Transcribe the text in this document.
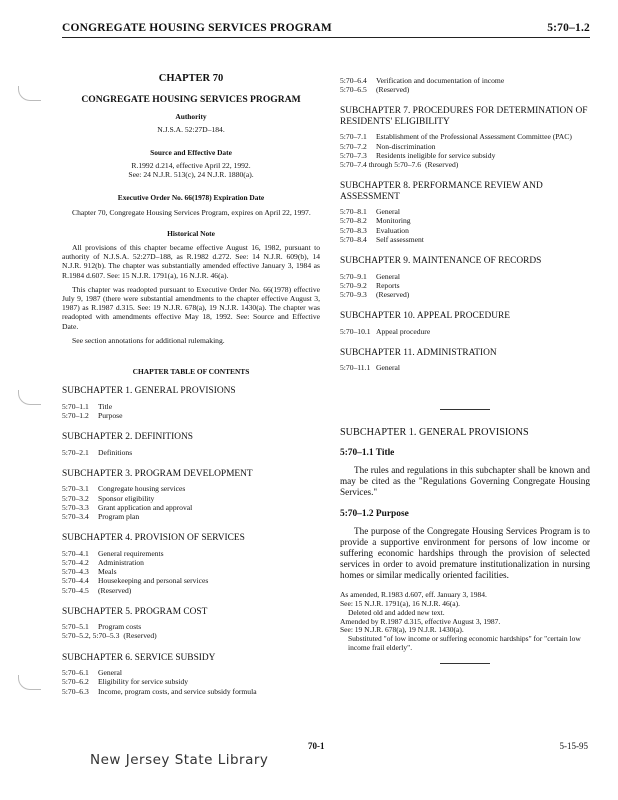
CONGREGATE HOUSING SERVICES PROGRAM	5:70–1.2
CHAPTER 70
CONGREGATE HOUSING SERVICES PROGRAM
Authority
N.J.S.A. 52:27D–184.
Source and Effective Date
R.1992 d.214, effective April 22, 1992.
See: 24 N.J.R. 513(c), 24 N.J.R. 1880(a).
Executive Order No. 66(1978) Expiration Date
Chapter 70, Congregate Housing Services Program, expires on April 22, 1997.
Historical Note
All provisions of this chapter became effective August 16, 1982, pursuant to authority of N.J.S.A. 52:27D–188, as R.1982 d.272. See: 14 N.J.R. 609(b), 14 N.J.R. 912(b). The chapter was substantially amended effective January 3, 1984 as R.1984 d.607. See: 15 N.J.R. 1791(a), 16 N.J.R. 46(a).
This chapter was readopted pursuant to Executive Order No. 66(1978) effective July 9, 1987 (there were substantial amendments to the chapter effective August 3, 1987) as R.1987 d.315. See: 19 N.J.R. 678(a), 19 N.J.R. 1430(a). The chapter was readopted with amendments effective May 18, 1992. See: Source and Effective Date.
See section annotations for additional rulemaking.
CHAPTER TABLE OF CONTENTS
SUBCHAPTER 1. GENERAL PROVISIONS
5:70–1.1	Title
5:70–1.2	Purpose
SUBCHAPTER 2. DEFINITIONS
5:70–2.1	Definitions
SUBCHAPTER 3. PROGRAM DEVELOPMENT
5:70–3.1	Congregate housing services
5:70–3.2	Sponsor eligibility
5:70–3.3	Grant application and approval
5:70–3.4	Program plan
SUBCHAPTER 4. PROVISION OF SERVICES
5:70–4.1	General requirements
5:70–4.2	Administration
5:70–4.3	Meals
5:70–4.4	Housekeeping and personal services
5:70–4.5	(Reserved)
SUBCHAPTER 5. PROGRAM COST
5:70–5.1	Program costs
5:70–5.2, 5:70–5.3 (Reserved)
SUBCHAPTER 6. SERVICE SUBSIDY
5:70–6.1	General
5:70–6.2	Eligibility for service subsidy
5:70–6.3	Income, program costs, and service subsidy formula
5:70–6.4	Verification and documentation of income
5:70–6.5	(Reserved)
SUBCHAPTER 7. PROCEDURES FOR DETERMINATION OF RESIDENTS' ELIGIBILITY
5:70–7.1	Establishment of the Professional Assessment Committee (PAC)
5:70–7.2	Non-discrimination
5:70–7.3	Residents ineligible for service subsidy
5:70–7.4 through 5:70–7.6 (Reserved)
SUBCHAPTER 8. PERFORMANCE REVIEW AND ASSESSMENT
5:70–8.1	General
5:70–8.2	Monitoring
5:70–8.3	Evaluation
5:70–8.4	Self assessment
SUBCHAPTER 9. MAINTENANCE OF RECORDS
5:70–9.1	General
5:70–9.2	Reports
5:70–9.3	(Reserved)
SUBCHAPTER 10. APPEAL PROCEDURE
5:70–10.1 Appeal procedure
SUBCHAPTER 11. ADMINISTRATION
5:70–11.1 General
SUBCHAPTER 1. GENERAL PROVISIONS
5:70–1.1 Title
The rules and regulations in this subchapter shall be known and may be cited as the "Regulations Governing Congregate Housing Services."
5:70–1.2 Purpose
The purpose of the Congregate Housing Services Program is to provide a supportive environment for persons of low income or suffering economic hardships through the provision of selected services in order to avoid premature institutionalization in nursing homes or similar medically oriented facilities.
As amended, R.1983 d.607, eff. January 3, 1984.
See: 15 N.J.R. 1791(a), 16 N.J.R. 46(a).
Deleted old and added new text.
Amended by R.1987 d.315, effective August 3, 1987.
See: 19 N.J.R. 678(a), 19 N.J.R. 1430(a).
Substituted "of low income or suffering economic hardships" for "certain low income frail elderly".
70-1	5-15-95
New Jersey State Library
